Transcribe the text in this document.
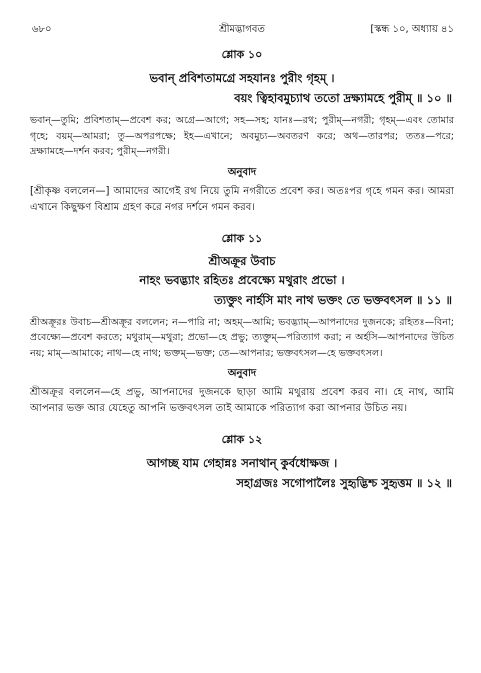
৬৮০	শ্রীমদ্ভাগবত	[স্কন্ধ ১০, অধ্যায় ৪১
শ্লোক ১০
ভবান্ প্রবিশতামগ্রে সহযানঃ পুরীং গৃহম্ ।
বয়ং ত্বিহাবমুচ্যাথ ততো দ্রক্ষ্যামহে পুরীম্ ॥ ১০ ॥

ভবান্—তুমি; প্রবিশতাম্—প্রবেশ কর; অগ্রে—আগে; সহ—সহ; যানঃ—রথ; পুরীম্—নগরী; গৃহম্—এবং তোমার গৃহে; বয়ম্—আমরা; তু—অপরপক্ষে; ইহ—এখানে; অবমুচ্য—অবতরণ করে; অথ—তারপর; ততঃ—পরে; দ্রক্ষ্যামহে—দর্শন করব; পুরীম্—নগরী।

অনুবাদ

[শ্রীকৃষ্ণ বললেন—] আমাদের আগেই রথ নিয়ে তুমি নগরীতে প্রবেশ কর। অতঃপর গৃহে গমন কর। আমরা এখানে কিছুক্ষণ বিশ্রাম গ্রহণ করে নগর দর্শনে গমন করব।

শ্লোক ১১
শ্রীঅক্রূর উবাচ
নাহং ভবদ্ভ্যাং রহিতঃ প্রবেক্ষ্যে মথুরাং প্রভো ।
ত্যক্তুং নার্হসি মাং নাথ ভক্তং তে ভক্তবৎসল ॥ ১১ ॥

শ্রীঅক্রূরঃ উবাচ—শ্রীঅক্রূর বললেন; ন—পারি না; অহম্—আমি; ভবদ্ভ্যাম্—আপনাদের দুজনকে; রহিতঃ—বিনা; প্রবেক্ষ্যে—প্রবেশ করতে; মথুরাম্—মথুরা; প্রভো—হে প্রভু; ত্যক্তুম্—পরিত্যাগ করা; ন অর্হসি—আপনাদের উচিত নয়; মাম্—আমাকে; নাথ—হে নাথ; ভক্তম্—ভক্ত; তে—আপনার; ভক্তবৎসল—হে ভক্তবৎসল।

অনুবাদ

শ্রীঅক্রূর বললেন—হে প্রভু, আপনাদের দুজনকে ছাড়া আমি মথুরায় প্রবেশ করব না। হে নাথ, আমি আপনার ভক্ত আর যেহেতু আপনি ভক্তবৎসল তাই আমাকে পরিত্যাগ করা আপনার উচিত নয়।

শ্লোক ১২
আগচ্ছ যাম গেহান্নঃ সনাথান্ কুর্বধোক্ষজ ।
সহাগ্রজঃ সগোপালৈঃ সুহৃদ্ভিশ্চ সুহৃত্তম ॥ ১২ ॥
